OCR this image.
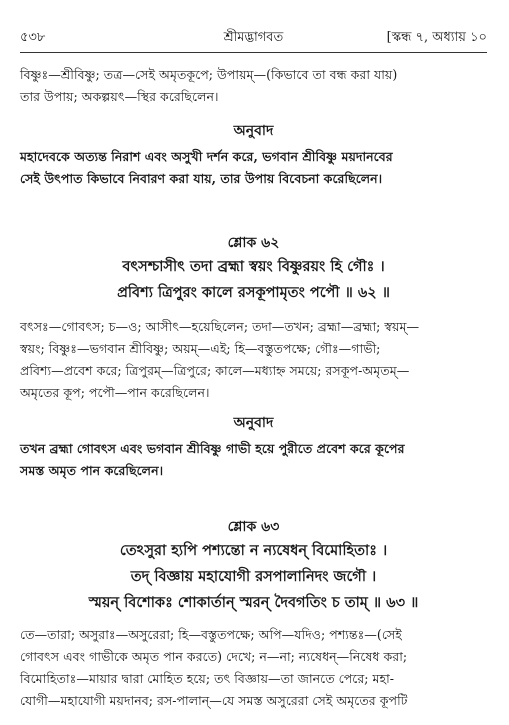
৫৩৮	শ্রীমদ্ভাগবত	[স্কন্ধ ৭, অধ্যায় ১০
বিষ্ণুঃ—শ্রীবিষ্ণু; তত্র—সেই অমৃতকূপে; উপায়ম্—(কিভাবে তা বন্ধ করা যায়)
তার উপায়; অকল্পয়ৎ—স্থির করেছিলেন।
অনুবাদ
মহাদেবকে অত্যন্ত নিরাশ এবং অসুখী দর্শন করে, ভগবান শ্রীবিষ্ণু ময়দানবের
সেই উৎপাত কিভাবে নিবারণ করা যায়, তার উপায় বিবেচনা করেছিলেন।
শ্লোক ৬২
বৎসশ্চাসীৎ তদা ব্রহ্মা স্বয়ং বিষ্ণুরয়ং হি গৌঃ ।
প্রবিশ্য ত্রিপুরং কালে রসকূপামৃতং পপৌ ॥ ৬২ ॥
বৎসঃ—গোবৎস; চ—ও; আসীৎ—হয়েছিলেন; তদা—তখন; ব্রহ্মা—ব্রহ্মা; স্বয়ম্—
স্বয়ং; বিষ্ণুঃ—ভগবান শ্রীবিষ্ণু; অয়ম্—এই; হি—বস্তুতপক্ষে; গৌঃ—গাভী;
প্রবিশ্য—প্রবেশ করে; ত্রিপুরম্—ত্রিপুরে; কালে—মধ্যাহ্ন সময়ে; রসকূপ-অমৃতম্—
অমৃতের কূপ; পপৌ—পান করেছিলেন।
অনুবাদ
তখন ব্রহ্মা গোবৎস এবং ভগবান শ্রীবিষ্ণু গাভী হয়ে পুরীতে প্রবেশ করে কূপের
সমস্ত অমৃত পান করেছিলেন।
শ্লোক ৬৩
তেঽসুরা হ্যপি পশ্যন্তো ন ন্যষেধন্ বিমোহিতাঃ ।
তদ্ বিজ্ঞায় মহাযোগী রসপালানিদং জগৌ ।
স্ময়ন্ বিশোকঃ শোকার্তান্ স্মরন্ দৈবগতিং চ তাম্ ॥ ৬৩ ॥
তে—তারা; অসুরাঃ—অসুরেরা; হি—বস্তুতপক্ষে; অপি—যদিও; পশ্যন্তঃ—(সেই
গোবৎস এবং গাভীকে অমৃত পান করতে) দেখে; ন—না; ন্যষেধন্—নিষেধ করা;
বিমোহিতাঃ—মায়ার দ্বারা মোহিত হয়ে; তৎ বিজ্ঞায়—তা জানতে পেরে; মহা-
যোগী—মহাযোগী ময়দানব; রস-পালান্—যে সমস্ত অসুরেরা সেই অমৃতের কূপটি
